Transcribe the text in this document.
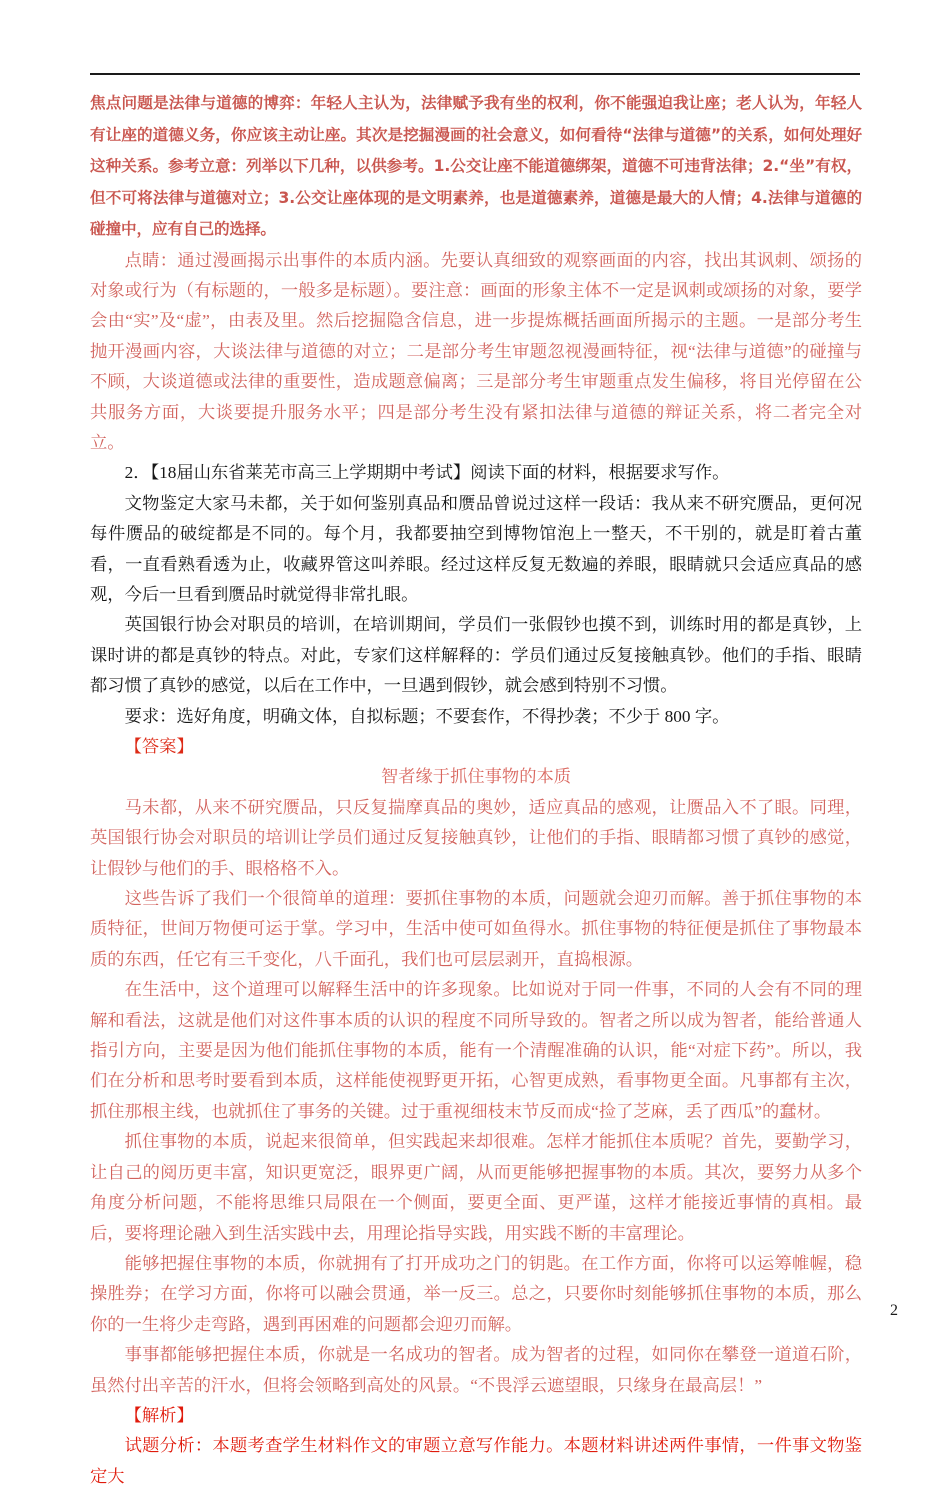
焦点问题是法律与道德的博弈：年轻人主认为，法律赋予我有坐的权利，你不能强迫我让座；老人认为，年轻人有让座的道德义务，你应该主动让座。其次是挖掘漫画的社会意义，如何看待“法律与道德”的关系，如何处理好这种关系。参考立意：列举以下几种，以供参考。1.公交让座不能道德绑架，道德不可违背法律；2.“坐”有权，但不可将法律与道德对立；3.公交让座体现的是文明素养，也是道德素养，道德是最大的人情；4.法律与道德的碰撞中，应有自己的选择。

点睛：通过漫画揭示出事件的本质内涵。先要认真细致的观察画面的内容，找出其讽刺、颂扬的对象或行为（有标题的，一般多是标题）。要注意：画面的形象主体不一定是讽刺或颂扬的对象，要学会由“实”及“虚”，由表及里。然后挖掘隐含信息，进一步提炼概括画面所揭示的主题。一是部分考生抛开漫画内容，大谈法律与道德的对立；二是部分考生审题忽视漫画特征，视“法律与道德”的碰撞与不顾，大谈道德或法律的重要性，造成题意偏离；三是部分考生审题重点发生偏移，将目光停留在公共服务方面，大谈要提升服务水平；四是部分考生没有紧扣法律与道德的辩证关系，将二者完全对立。

2．【18届山东省莱芜市高三上学期期中考试】阅读下面的材料，根据要求写作。

文物鉴定大家马未都，关于如何鉴别真品和赝品曾说过这样一段话：我从来不研究赝品，更何况每件赝品的破绽都是不同的。每个月，我都要抽空到博物馆泡上一整天，不干别的，就是盯着古董看，一直看熟看透为止，收藏界管这叫养眼。经过这样反复无数遍的养眼，眼睛就只会适应真品的感观，今后一旦看到赝品时就觉得非常扎眼。

英国银行协会对职员的培训，在培训期间，学员们一张假钞也摸不到，训练时用的都是真钞，上课时讲的都是真钞的特点。对此，专家们这样解释的：学员们通过反复接触真钞。他们的手指、眼睛都习惯了真钞的感觉，以后在工作中，一旦遇到假钞，就会感到特别不习惯。

要求：选好角度，明确文体，自拟标题；不要套作，不得抄袭；不少于 800 字。

【答案】

智者缘于抓住事物的本质

马未都，从来不研究赝品，只反复揣摩真品的奥妙，适应真品的感观，让赝品入不了眼。同理，英国银行协会对职员的培训让学员们通过反复接触真钞，让他们的手指、眼睛都习惯了真钞的感觉，让假钞与他们的手、眼格格不入。

这些告诉了我们一个很简单的道理：要抓住事物的本质，问题就会迎刃而解。善于抓住事物的本质特征，世间万物便可运于掌。学习中，生活中使可如鱼得水。抓住事物的特征便是抓住了事物最本质的东西，任它有三千变化，八千面孔，我们也可层层剥开，直捣根源。

在生活中，这个道理可以解释生活中的许多现象。比如说对于同一件事，不同的人会有不同的理解和看法，这就是他们对这件事本质的认识的程度不同所导致的。智者之所以成为智者，能给普通人指引方向，主要是因为他们能抓住事物的本质，能有一个清醒准确的认识，能“对症下药”。所以，我们在分析和思考时要看到本质，这样能使视野更开拓，心智更成熟，看事物更全面。凡事都有主次，抓住那根主线，也就抓住了事务的关键。过于重视细枝末节反而成“捡了芝麻，丢了西瓜”的蠢材。

抓住事物的本质，说起来很简单，但实践起来却很难。怎样才能抓住本质呢？首先，要勤学习，让自己的阅历更丰富，知识更宽泛，眼界更广阔，从而更能够把握事物的本质。其次，要努力从多个角度分析问题，不能将思维只局限在一个侧面，要更全面、更严谨，这样才能接近事情的真相。最后，要将理论融入到生活实践中去，用理论指导实践，用实践不断的丰富理论。

能够把握住事物的本质，你就拥有了打开成功之门的钥匙。在工作方面，你将可以运筹帷幄，稳操胜券；在学习方面，你将可以融会贯通，举一反三。总之，只要你时刻能够抓住事物的本质，那么你的一生将少走弯路，遇到再困难的问题都会迎刃而解。

事事都能够把握住本质，你就是一名成功的智者。成为智者的过程，如同你在攀登一道道石阶，虽然付出辛苦的汗水，但将会领略到高处的风景。“不畏浮云遮望眼，只缘身在最高层！”

【解析】

试题分析：本题考查学生材料作文的审题立意写作能力。本题材料讲述两件事情，一件事文物鉴定大

2
